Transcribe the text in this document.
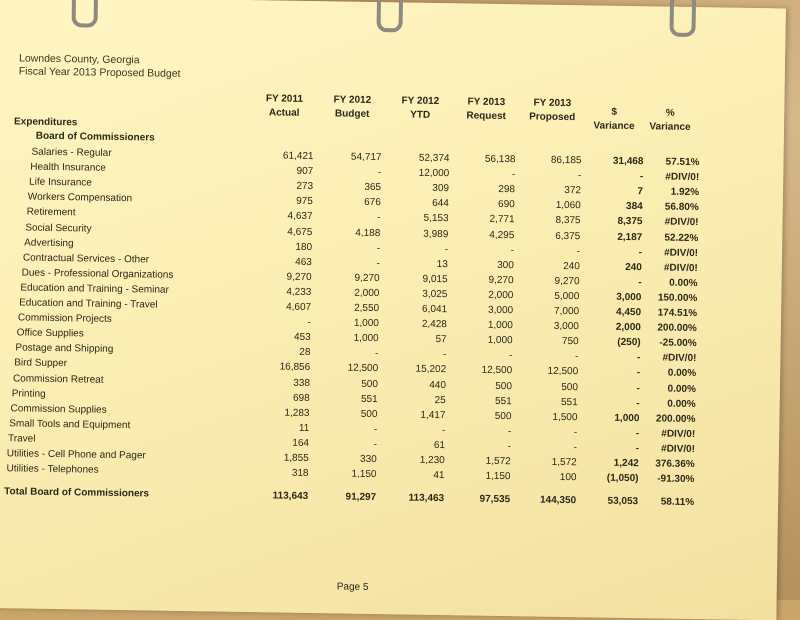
Lowndes County, Georgia
Fiscal Year 2013 Proposed Budget
FY 2011
Actual
FY 2012
Budget
FY 2012
YTD
FY 2013
Request
FY 2013
Proposed	$
Variance
%
Variance
Expenditures
Board of Commissioners
Salaries - Regular	61,421	54,717	52,374	56,138	86,185	31,468	57.51%
Health Insurance	907	-	12,000	-	-	-	#DIV/0!
Life Insurance	273	365	309	298	372	7	1.92%
Workers Compensation	975	676	644	690	1,060	384	56.80%
Retirement	4,637	-	5,153	2,771	8,375	8,375	#DIV/0!
Social Security	4,675	4,188	3,989	4,295	6,375	2,187	52.22%
Advertising	180	-	-	-	-	-	#DIV/0!
Contractual Services - Other	463	-	13	300	240	240	#DIV/0!
Dues - Professional Organizations	9,270	9,270	9,015	9,270	9,270	-	0.00%
Education and Training - Seminar	4,233	2,000	3,025	2,000	5,000	3,000	150.00%
Education and Training - Travel	4,607	2,550	6,041	3,000	7,000	4,450	174.51%
Commission Projects	-	1,000	2,428	1,000	3,000	2,000	200.00%
Office Supplies	453	1,000	57	1,000	750	(250)	-25.00%
Postage and Shipping	28	-	-	-	-	-	#DIV/0!
Bird Supper	16,856	12,500	15,202	12,500	12,500	-	0.00%
Commission Retreat	338	500	440	500	500	-	0.00%
Printing	698	551	25	551	551	-	0.00%
Commission Supplies	1,283	500	1,417	500	1,500	1,000	200.00%
Small Tools and Equipment	11	-	-	-	-	-	#DIV/0!
Travel	164	-	61	-	-	-	#DIV/0!
Utilities - Cell Phone and Pager	1,855	330	1,230	1,572	1,572	1,242	376.36%
Utilities - Telephones	318	1,150	41	1,150	100	(1,050)	-91.30%
Total Board of Commissioners	113,643	91,297	113,463	97,535	144,350	53,053	58.11%
Page 5
